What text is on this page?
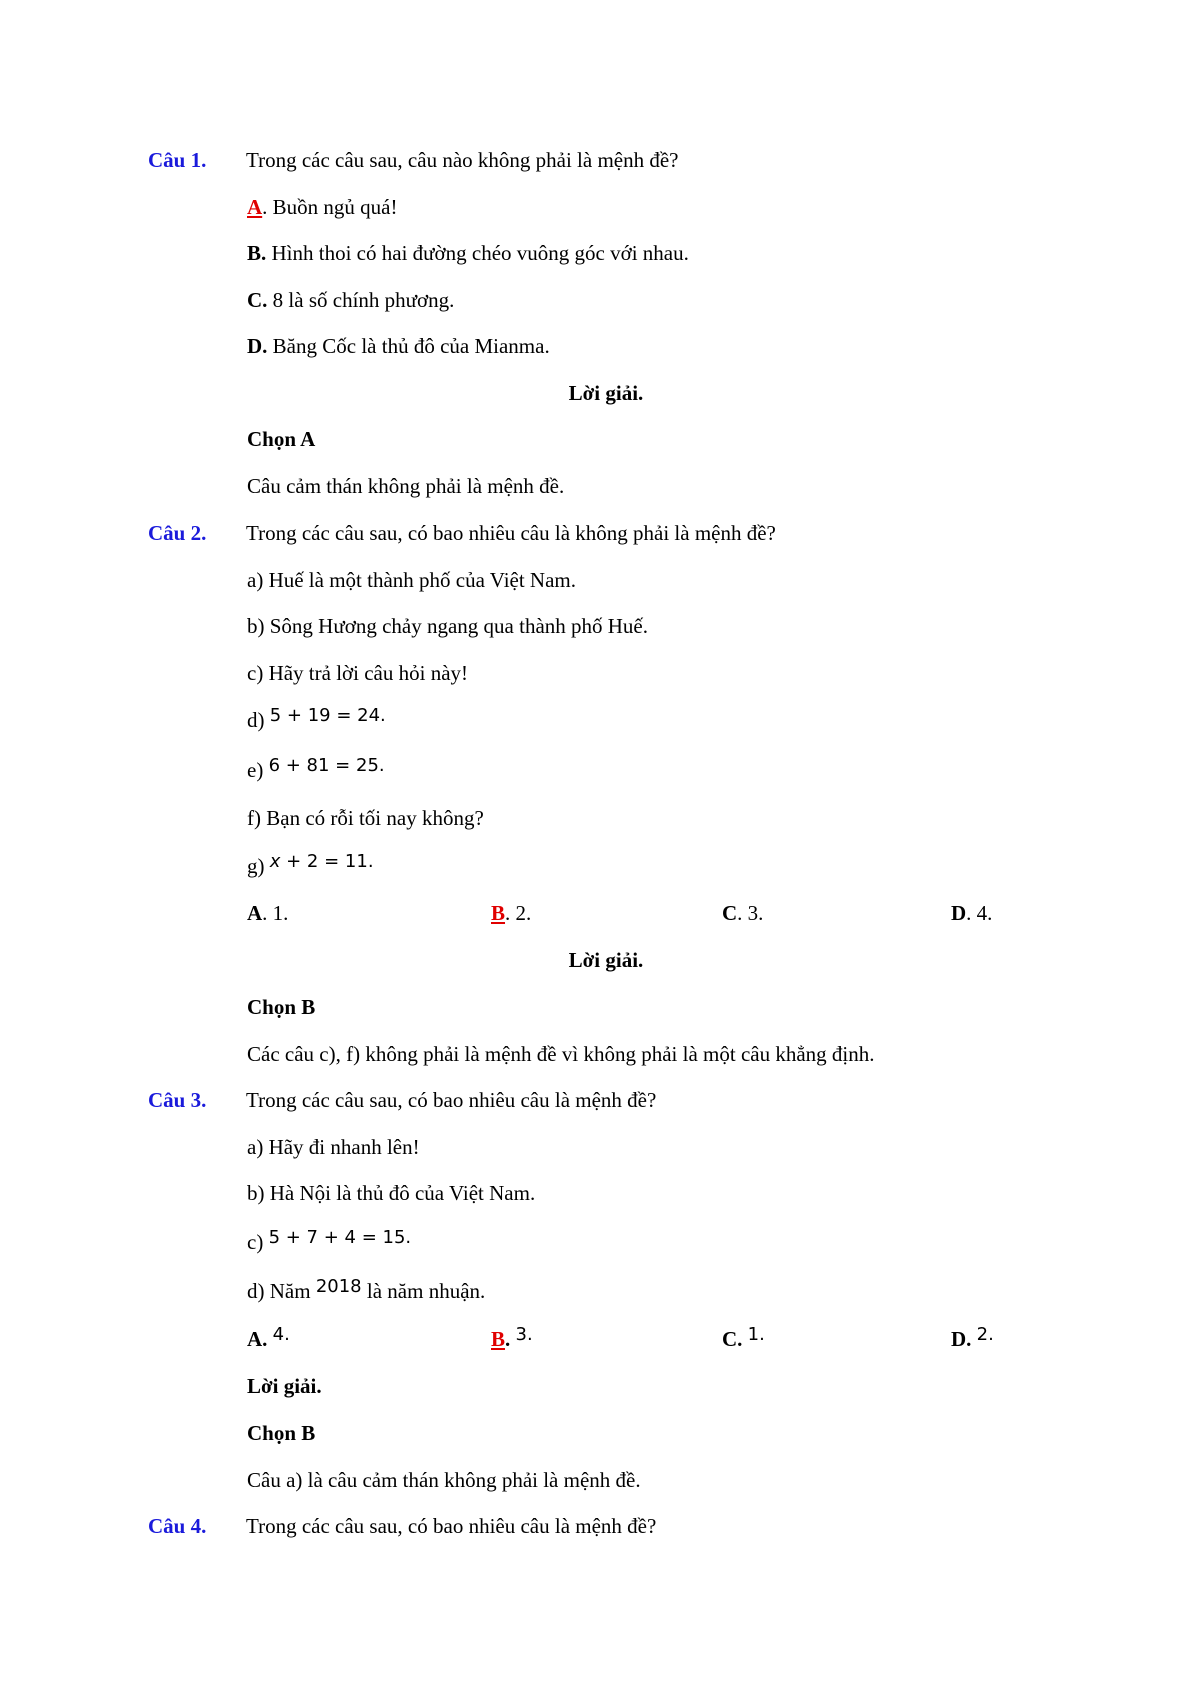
Câu 1. Trong các câu sau, câu nào không phải là mệnh đề?
A. Buồn ngủ quá!
B. Hình thoi có hai đường chéo vuông góc với nhau.
C. 8 là số chính phương.
D. Băng Cốc là thủ đô của Mianma.
Lời giải.
Chọn A
Câu cảm thán không phải là mệnh đề.
Câu 2. Trong các câu sau, có bao nhiêu câu là không phải là mệnh đề?
a) Huế là một thành phố của Việt Nam.
b) Sông Hương chảy ngang qua thành phố Huế.
c) Hãy trả lời câu hỏi này!
d) 5 + 19 = 24.
e) 6 + 81 = 25.
f) Bạn có rỗi tối nay không?
g) x + 2 = 11.
A. 1.	B. 2.	C. 3.	D. 4.
Lời giải.
Chọn B
Các câu c), f) không phải là mệnh đề vì không phải là một câu khẳng định.
Câu 3. Trong các câu sau, có bao nhiêu câu là mệnh đề?
a) Hãy đi nhanh lên!
b) Hà Nội là thủ đô của Việt Nam.
c) 5 + 7 + 4 = 15.
d) Năm 2018 là năm nhuận.
A. 4.	B. 3.	C. 1.	D. 2.
Lời giải.
Chọn B
Câu a) là câu cảm thán không phải là mệnh đề.
Câu 4. Trong các câu sau, có bao nhiêu câu là mệnh đề?
